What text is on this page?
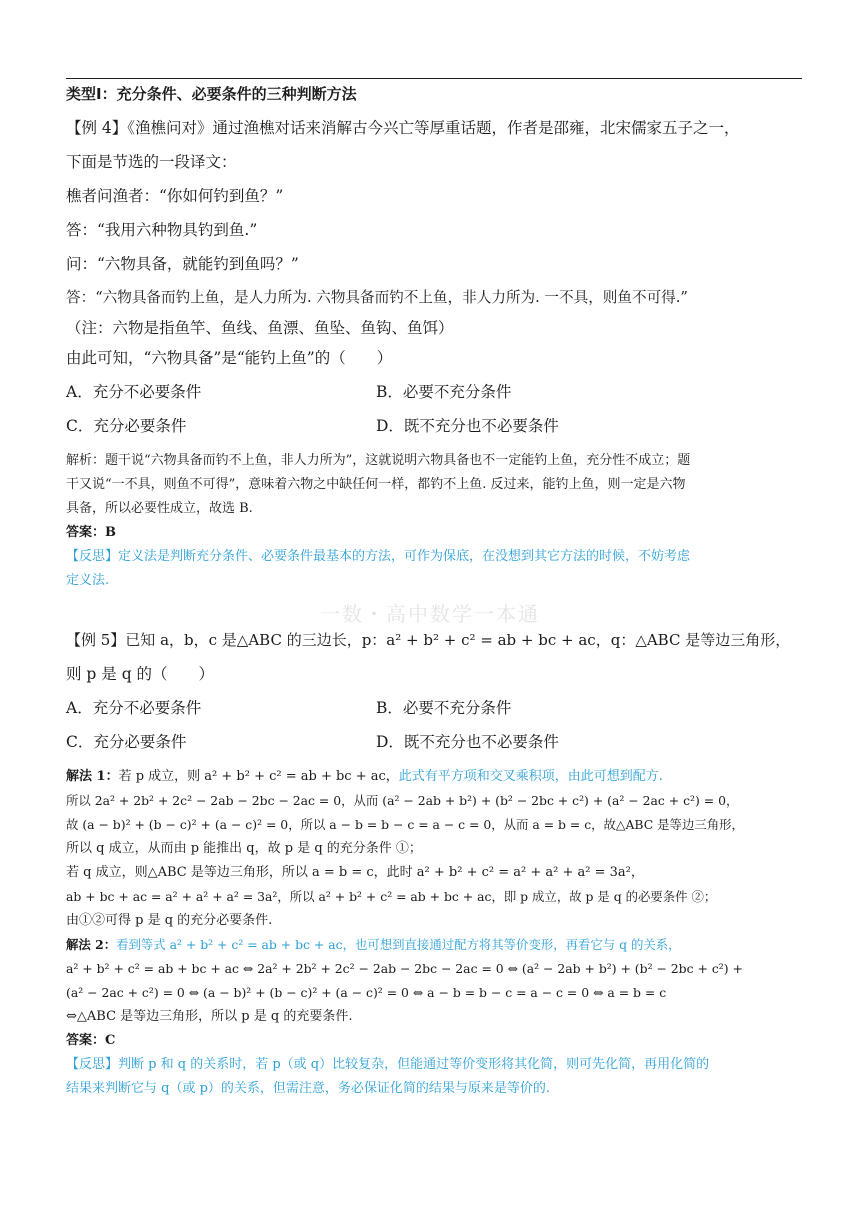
一数・高中数学一本通
类型Ⅰ：充分条件、必要条件的三种判断方法

【例 4】《渔樵问对》通过渔樵对话来消解古今兴亡等厚重话题，作者是邵雍，北宋儒家五子之一，

下面是节选的一段译文：

樵者问渔者：“你如何钓到鱼？”

答：“我用六种物具钓到鱼.”

问：“六物具备，就能钓到鱼吗？”

答：“六物具备而钓上鱼，是人力所为. 六物具备而钓不上鱼，非人力所为. 一不具，则鱼不可得.”

（注：六物是指鱼竿、鱼线、鱼漂、鱼坠、鱼钩、鱼饵）

由此可知，“六物具备”是“能钓上鱼”的（　　）

A．充分不必要条件	B．必要不充分条件
C．充分必要条件	D．既不充分也不必要条件

解析：题干说“六物具备而钓不上鱼，非人力所为”，这就说明六物具备也不一定能钓上鱼，充分性不成立；题

干又说“一不具，则鱼不可得”，意味着六物之中缺任何一样，都钓不上鱼. 反过来，能钓上鱼，则一定是六物

具备，所以必要性成立，故选 B.

答案：B

【反思】定义法是判断充分条件、必要条件最基本的方法，可作为保底，在没想到其它方法的时候，不妨考虑

定义法.

【例 5】已知 a，b，c 是△ABC 的三边长，p：a² + b² + c² = ab + bc + ac，q：△ABC 是等边三角形，

则 p 是 q 的（　　）

A．充分不必要条件	B．必要不充分条件
C．充分必要条件	D．既不充分也不必要条件

解法 1：若 p 成立，则 a² + b² + c² = ab + bc + ac，此式有平方项和交叉乘积项，由此可想到配方.

所以 2a² + 2b² + 2c² − 2ab − 2bc − 2ac = 0，从而 (a² − 2ab + b²) + (b² − 2bc + c²) + (a² − 2ac + c²) = 0，

故 (a − b)² + (b − c)² + (a − c)² = 0，所以 a − b = b − c = a − c = 0，从而 a = b = c，故△ABC 是等边三角形，

所以 q 成立，从而由 p 能推出 q，故 p 是 q 的充分条件 ①；

若 q 成立，则△ABC 是等边三角形，所以 a = b = c，此时 a² + b² + c² = a² + a² + a² = 3a²，

ab + bc + ac = a² + a² + a² = 3a²，所以 a² + b² + c² = ab + bc + ac，即 p 成立，故 p 是 q 的必要条件 ②；

由①②可得 p 是 q 的充分必要条件.

解法 2：看到等式 a² + b² + c² = ab + bc + ac，也可想到直接通过配方将其等价变形，再看它与 q 的关系，

a² + b² + c² = ab + bc + ac ⇔ 2a² + 2b² + 2c² − 2ab − 2bc − 2ac = 0 ⇔ (a² − 2ab + b²) + (b² − 2bc + c²) +

(a² − 2ac + c²) = 0 ⇔ (a − b)² + (b − c)² + (a − c)² = 0 ⇔ a − b = b − c = a − c = 0 ⇔ a = b = c

⇔△ABC 是等边三角形，所以 p 是 q 的充要条件.

答案：C

【反思】判断 p 和 q 的关系时，若 p（或 q）比较复杂，但能通过等价变形将其化简，则可先化简，再用化简的

结果来判断它与 q（或 p）的关系，但需注意，务必保证化简的结果与原来是等价的.
